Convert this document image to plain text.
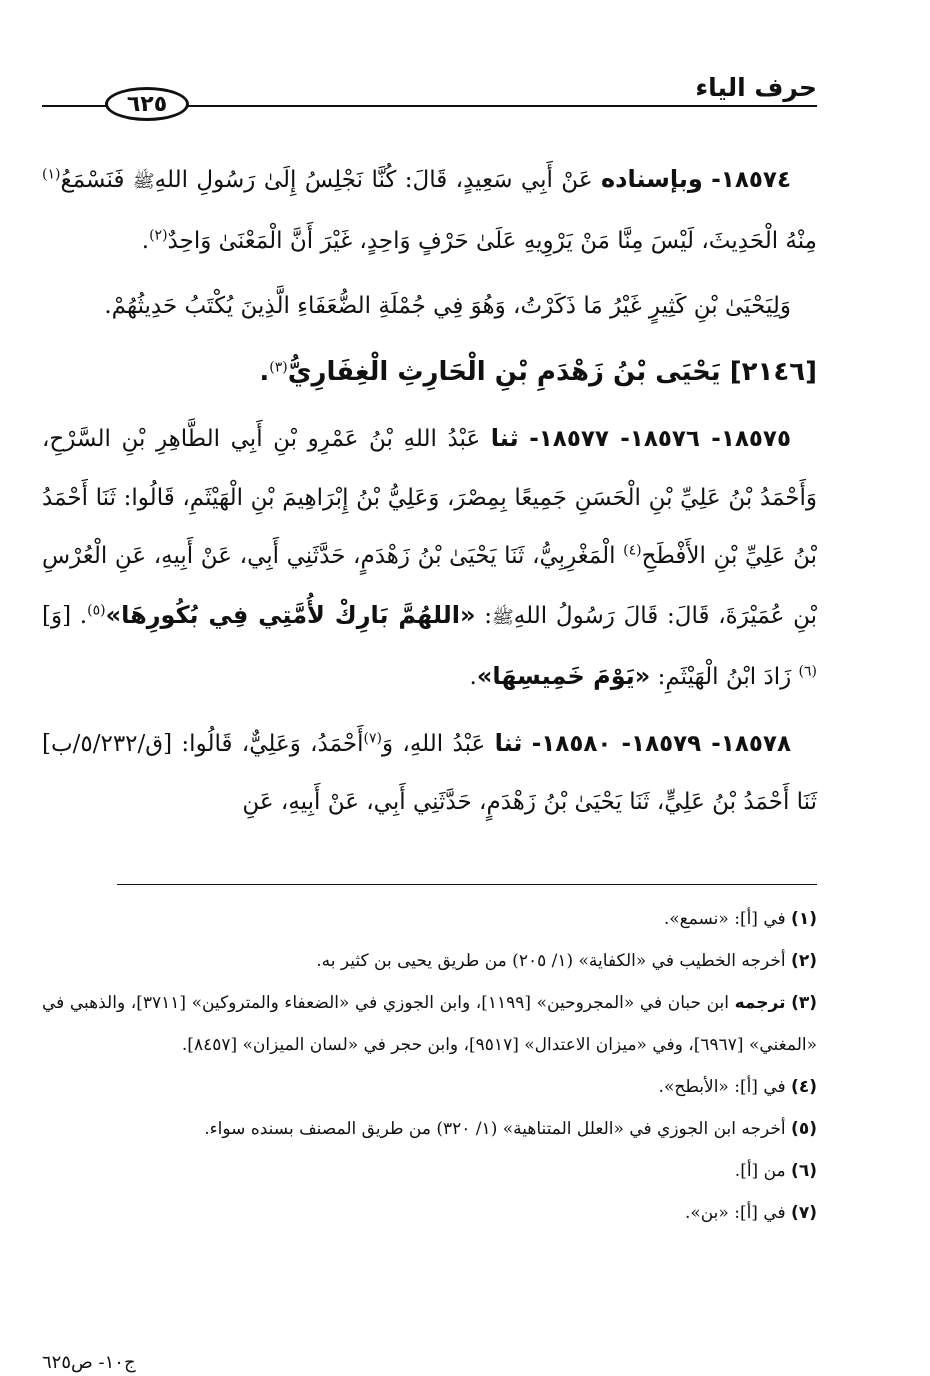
حرف الياء
٦٢٥

١٨٥٧٤- وبإسناده عَنْ أَبِي سَعِيدٍ، قَالَ: كُنَّا نَجْلِسُ إِلَىٰ رَسُولِ اللهِﷺ فَنَسْمَعُ$^{(١)}$ مِنْهُ الْحَدِيثَ، لَيْسَ مِنَّا مَنْ يَرْوِيهِ عَلَىٰ حَرْفٍ وَاحِدٍ، غَيْرَ أَنَّ الْمَعْنَىٰ وَاحِدٌ$^{(٢)}$.

وَلِيَحْيَىٰ بْنِ كَثِيرٍ غَيْرُ مَا ذَكَرْتُ، وَهُوَ فِي جُمْلَةِ الضُّعَفَاءِ الَّذِينَ يُكْتَبُ حَدِيثُهُمْ.

[٢١٤٦] يَحْيَى بْنُ زَهْدَمِ بْنِ الْحَارِثِ الْغِفَارِيُّ$^{(٣)}$.

١٨٥٧٥- ١٨٥٧٦- ١٨٥٧٧- ثنا عَبْدُ اللهِ بْنُ عَمْرِو بْنِ أَبِي الطَّاهِرِ بْنِ السَّرْحِ، وَأَحْمَدُ بْنُ عَلِيِّ بْنِ الْحَسَنِ جَمِيعًا بِمِصْرَ، وَعَلِيُّ بْنُ إِبْرَاهِيمَ بْنِ الْهَيْثَمِ، قَالُوا: ثَنَا أَحْمَدُ بْنُ عَلِيِّ بْنِ الأَفْطَحِ$^{(٤)}$ الْمَغْرِبِيُّ، ثَنَا يَحْيَىٰ بْنُ زَهْدَمٍ، حَدَّثَنِي أَبِي، عَنْ أَبِيهِ، عَنِ الْعُرْسِ بْنِ عُمَيْرَةَ، قَالَ: قَالَ رَسُولُ اللهِﷺ: «اللهُمَّ بَارِكْ لأُمَّتِي فِي بُكُورِهَا»$^{(٥)}$. [وَ]$^{(٦)}$ زَادَ ابْنُ الْهَيْثَمِ: «يَوْمَ خَمِيسِهَا».

١٨٥٧٨- ١٨٥٧٩- ١٨٥٨٠- ثنا عَبْدُ اللهِ، وَ$^{(٧)}$أَحْمَدُ، وَعَلِيٌّ، قَالُوا: [ق/٥/٢٣٢/ب] ثَنَا أَحْمَدُ بْنُ عَلِيٍّ، ثَنَا يَحْيَىٰ بْنُ زَهْدَمٍ، حَدَّثَنِي أَبِي، عَنْ أَبِيهِ، عَنِ

(١) في [أ]: «نسمع».

(٢) أخرجه الخطيب في «الكفاية» (١/ ٢٠٥) من طريق يحيى بن كثير به.

(٣) ترجمه ابن حبان في «المجروحين» [١١٩٩]، وابن الجوزي في «الضعفاء والمتروكين» [٣٧١١]، والذهبي في «المغني» [٦٩٦٧]، وفي «ميزان الاعتدال» [٩٥١٧]، وابن حجر في «لسان الميزان» [٨٤٥٧].

(٤) في [أ]: «الأبطح».

(٥) أخرجه ابن الجوزي في «العلل المتناهية» (١/ ٣٢٠) من طريق المصنف بسنده سواء.

(٦) من [أ].

(٧) في [أ]: «بن».

ج١٠- ص٦٢٥
